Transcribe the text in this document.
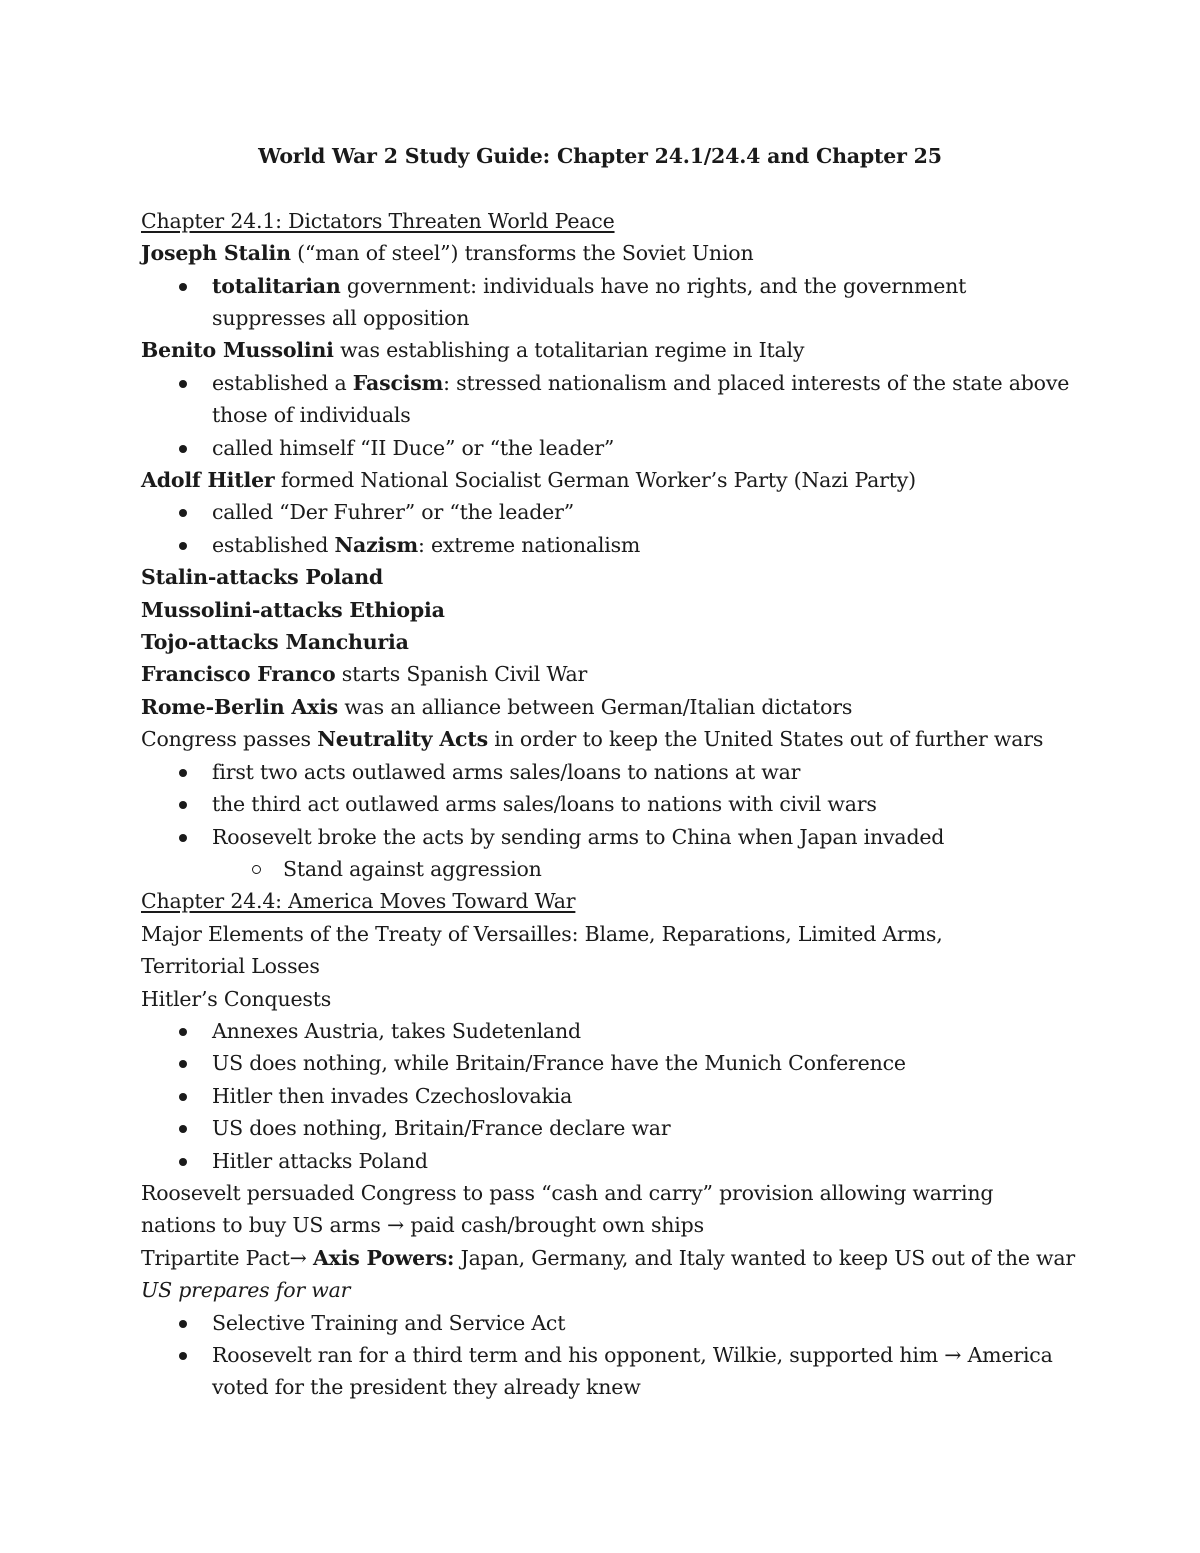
World War 2 Study Guide: Chapter 24.1/24.4 and Chapter 25
Chapter 24.1: Dictators Threaten World Peace
Joseph Stalin (“man of steel”) transforms the Soviet Union
totalitarian government: individuals have no rights, and the government suppresses all opposition
Benito Mussolini was establishing a totalitarian regime in Italy
established a Fascism: stressed nationalism and placed interests of the state above those of individuals
called himself “II Duce” or “the leader”
Adolf Hitler formed National Socialist German Worker’s Party (Nazi Party)
called “Der Fuhrer” or “the leader”
established Nazism: extreme nationalism
Stalin-attacks Poland
Mussolini-attacks Ethiopia
Tojo-attacks Manchuria
Francisco Franco starts Spanish Civil War
Rome-Berlin Axis was an alliance between German/Italian dictators
Congress passes Neutrality Acts in order to keep the United States out of further wars
first two acts outlawed arms sales/loans to nations at war
the third act outlawed arms sales/loans to nations with civil wars
Roosevelt broke the acts by sending arms to China when Japan invaded
Stand against aggression
Chapter 24.4: America Moves Toward War
Major Elements of the Treaty of Versailles: Blame, Reparations, Limited Arms, Territorial Losses
Hitler’s Conquests
Annexes Austria, takes Sudetenland
US does nothing, while Britain/France have the Munich Conference
Hitler then invades Czechoslovakia
US does nothing, Britain/France declare war
Hitler attacks Poland
Roosevelt persuaded Congress to pass “cash and carry” provision allowing warring nations to buy US arms → paid cash/brought own ships
Tripartite Pact→ Axis Powers: Japan, Germany, and Italy wanted to keep US out of the war
US prepares for war
Selective Training and Service Act
Roosevelt ran for a third term and his opponent, Wilkie, supported him → America voted for the president they already knew
